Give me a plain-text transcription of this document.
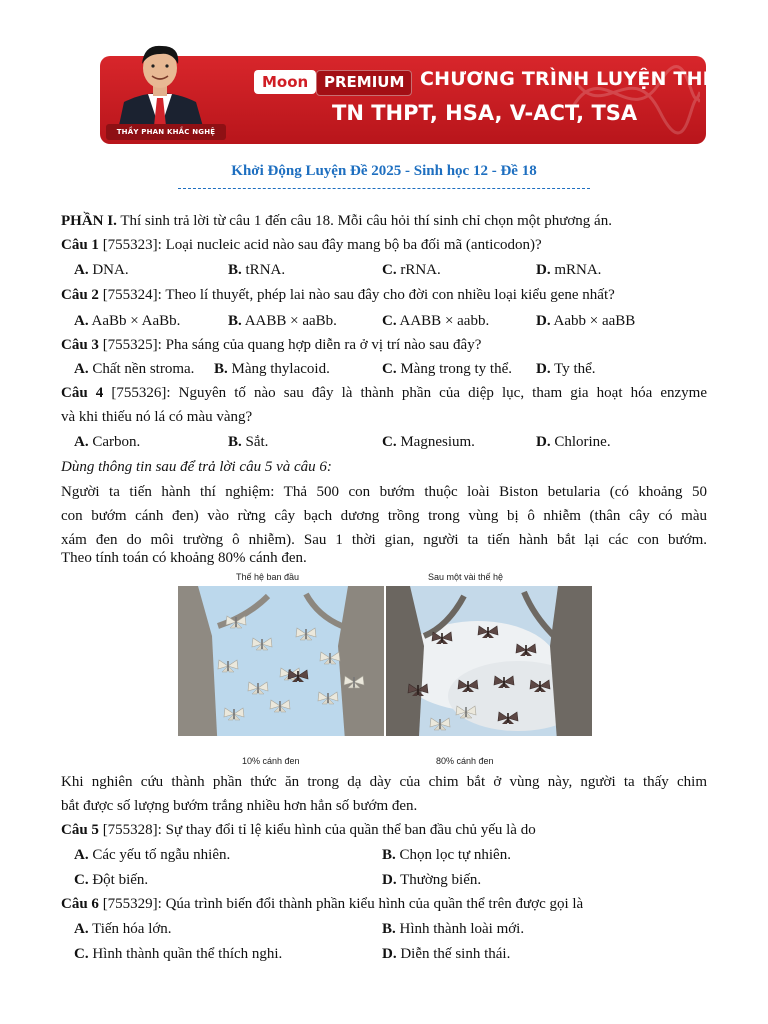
THẦY PHAN KHẮC NGHỆ
Moon	PREMIUM CHƯƠNG TRÌNH LUYỆN THI
TN THPT, HSA, V-ACT, TSA
Khởi Động Luyện Đề 2025 - Sinh học 12 - Đề 18
PHẦN I. Thí sinh trả lời từ câu 1 đến câu 18. Mỗi câu hỏi thí sinh chỉ chọn một phương án.
Câu 1 [755323]: Loại nucleic acid nào sau đây mang bộ ba đối mã (anticodon)?
A. DNA.	B. tRNA.	C. rRNA.	D. mRNA.
Câu 2 [755324]: Theo lí thuyết, phép lai nào sau đây cho đời con nhiều loại kiểu gene nhất?
A. AaBb × AaBb.	B. AABB × aaBb.	C. AABB × aabb.	D. Aabb × aaBB
Câu 3 [755325]: Pha sáng của quang hợp diễn ra ở vị trí nào sau đây?
A. Chất nền stroma. B. Màng thylacoid.	C. Màng trong ty thể. D. Ty thể.
Câu 4 [755326]: Nguyên tố nào sau đây là thành phần của diệp lục, tham gia hoạt hóa enzyme
và khi thiếu nó lá có màu vàng?
A. Carbon.	B. Sắt.	C. Magnesium.	D. Chlorine.
Dùng thông tin sau để trả lời câu 5 và câu 6:
Người ta tiến hành thí nghiệm: Thả 500 con bướm thuộc loài Biston betularia (có khoảng 50
con bướm cánh đen) vào rừng cây bạch dương trồng trong vùng bị ô nhiễm (thân cây có màu
xám đen do môi trường ô nhiễm). Sau 1 thời gian, người ta tiến hành bắt lại các con bướm.
Theo tính toán có khoảng 80% cánh đen.
Thế hệ ban đầu	Sau một vài thế hệ
10% cánh đen	80% cánh đen
Khi nghiên cứu thành phần thức ăn trong dạ dày của chim bắt ở vùng này, người ta thấy chim
bắt được số lượng bướm trắng nhiều hơn hẳn số bướm đen.
Câu 5 [755328]: Sự thay đổi tỉ lệ kiểu hình của quần thể ban đầu chủ yếu là do
A. Các yếu tố ngẫu nhiên.	B. Chọn lọc tự nhiên.
C. Đột biến.	D. Thường biến.
Câu 6 [755329]: Qúa trình biến đổi thành phần kiểu hình của quần thể trên được gọi là
A. Tiến hóa lớn.	B. Hình thành loài mới.
C. Hình thành quần thể thích nghi.	D. Diễn thế sinh thái.
